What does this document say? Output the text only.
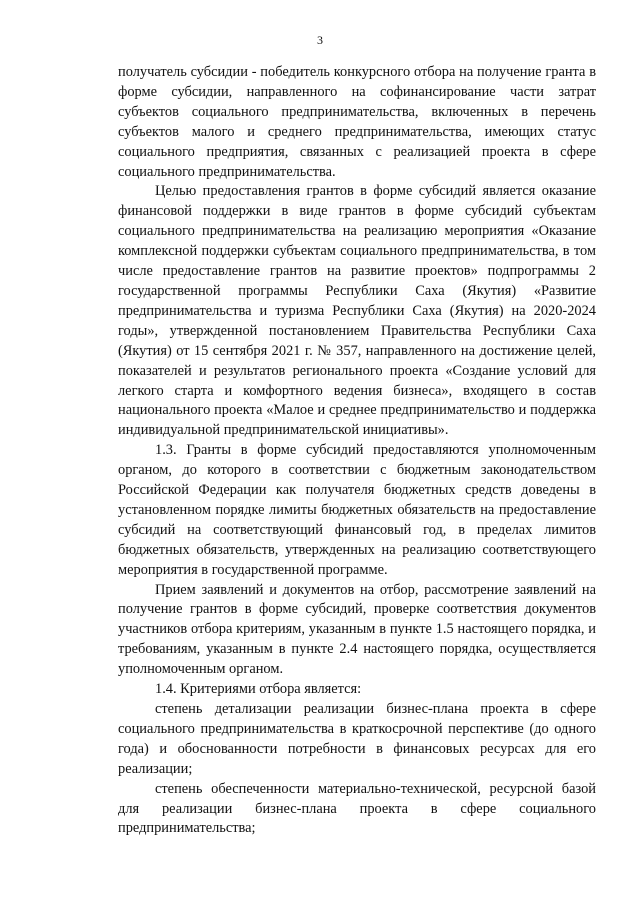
3

получатель субсидии - победитель конкурсного отбора на получение гранта в форме субсидии, направленного на софинансирование части затрат субъектов социального предпринимательства, включенных в перечень субъектов малого и среднего предпринимательства, имеющих статус социального предприятия, связанных с реализацией проекта в сфере социального предпринимательства.

Целью предоставления грантов в форме субсидий является оказание финансовой поддержки в виде грантов в форме субсидий субъектам социального предпринимательства на реализацию мероприятия «Оказание комплексной поддержки субъектам социального предпринимательства, в том числе предоставление грантов на развитие проектов» подпрограммы 2 государственной программы Республики Саха (Якутия) «Развитие предпринимательства и туризма Республики Саха (Якутия) на 2020-2024 годы», утвержденной постановлением Правительства Республики Саха (Якутия) от 15 сентября 2021 г. № 357, направленного на достижение целей, показателей и результатов регионального проекта «Создание условий для легкого старта и комфортного ведения бизнеса», входящего в состав национального проекта «Малое и среднее предпринимательство и поддержка индивидуальной предпринимательской инициативы».

1.3. Гранты в форме субсидий предоставляются уполномоченным органом, до которого в соответствии с бюджетным законодательством Российской Федерации как получателя бюджетных средств доведены в установленном порядке лимиты бюджетных обязательств на предоставление субсидий на соответствующий финансовый год, в пределах лимитов бюджетных обязательств, утвержденных на реализацию соответствующего мероприятия в государственной программе.

Прием заявлений и документов на отбор, рассмотрение заявлений на получение грантов в форме субсидий, проверке соответствия документов участников отбора критериям, указанным в пункте 1.5 настоящего порядка, и требованиям, указанным в пункте 2.4 настоящего порядка, осуществляется уполномоченным органом.

1.4. Критериями отбора является:

степень детализации реализации бизнес-плана проекта в сфере социального предпринимательства в краткосрочной перспективе (до одного года) и обоснованности потребности в финансовых ресурсах для его реализации;

степень обеспеченности материально-технической, ресурсной базой для реализации бизнес-плана проекта в сфере социального предпринимательства;
